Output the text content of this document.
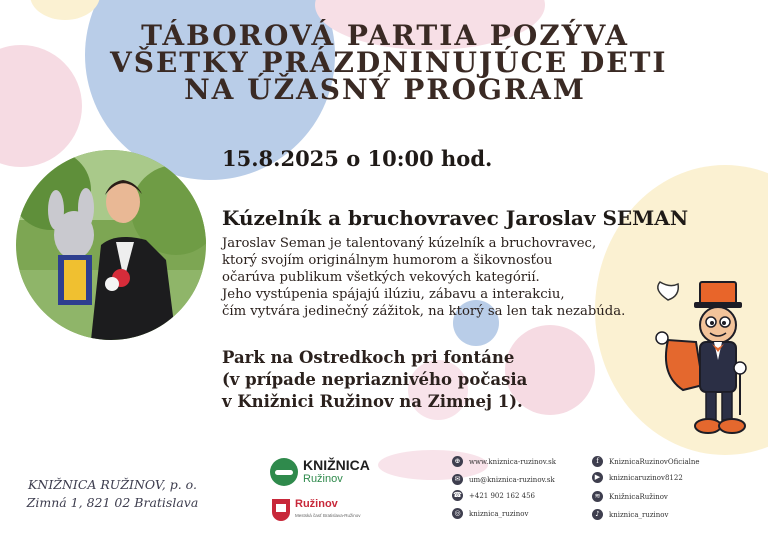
TÁBOROVÁ PARTIA POZÝVA
VŠETKY PRÁZDNINUJÚCE DETI
NA ÚŽASNÝ PROGRAM
15.8.2025 o 10:00 hod.
Kúzelník a bruchovravec Jaroslav SEMAN
Jaroslav Seman je talentovaný kúzelník a bruchovravec,
ktorý svojím originálnym humorom a šikovnosťou
očarúva publikum všetkých vekových kategórií.
Jeho vystúpenia spájajú ilúziu, zábavu a interakciu,
čím vytvára jedinečný zážitok, na ktorý sa len tak nezabúda.
Park na Ostredkoch pri fontáne
(v prípade nepriaznivého počasia
v Knižnici Ružinov na Zimnej 1).
KNIŽNICA RUŽINOV, p. o.
Zimná 1, 821 02 Bratislava
KNIŽNICA
Ružinov
Ružinov
Mestská časť Bratislava-Ružinov
⊕	www.kniznica-ruzinov.sk
✉	um@kniznica-ruzinov.sk
☎ +421 902 162 456
◎	kniznica_ruzinov
f	KniznicaRuzinovOficialne
▶	kniznicaruzinov8122
≋	KnižnicaRužinov
♪	kniznica_ruzinov
